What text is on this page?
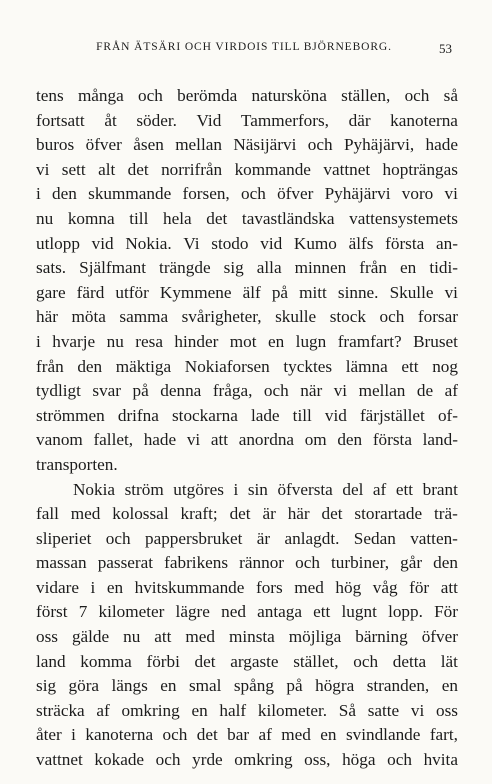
FRÅN ÄTSÄRI OCH VIRDOIS TILL BJÖRNEBORG.	53
tens många och berömda natursköna ställen, och så
fortsatt åt söder. Vid Tammerfors, där kanoterna
buros öfver åsen mellan Näsijärvi och Pyhäjärvi, hade
vi sett alt det norrifrån kommande vattnet hopträngas
i den skummande forsen, och öfver Pyhäjärvi voro vi
nu komna till hela det tavastländska vattensystemets
utlopp vid Nokia. Vi stodo vid Kumo älfs första an-
sats. Själfmant trängde sig alla minnen från en tidi-
gare färd utför Kymmene älf på mitt sinne. Skulle vi
här möta samma svårigheter, skulle stock och forsar
i hvarje nu resa hinder mot en lugn framfart? Bruset
från den mäktiga Nokiaforsen tycktes lämna ett nog
tydligt svar på denna fråga, och när vi mellan de af
strömmen drifna stockarna lade till vid färjstället of-
vanom fallet, hade vi att anordna om den första land-
transporten.
Nokia ström utgöres i sin öfversta del af ett brant
fall med kolossal kraft; det är här det storartade trä-
sliperiet och pappersbruket är anlagdt. Sedan vatten-
massan passerat fabrikens rännor och turbiner, går den
vidare i en hvitskummande fors med hög våg för att
först 7 kilometer lägre ned antaga ett lugnt lopp. För
oss gälde nu att med minsta möjliga bärning öfver
land komma förbi det argaste stället, och detta lät
sig göra längs en smal spång på högra stranden, en
sträcka af omkring en half kilometer. Så satte vi oss
åter i kanoterna och det bar af med en svindlande fart,
vattnet kokade och yrde omkring oss, höga och hvita
